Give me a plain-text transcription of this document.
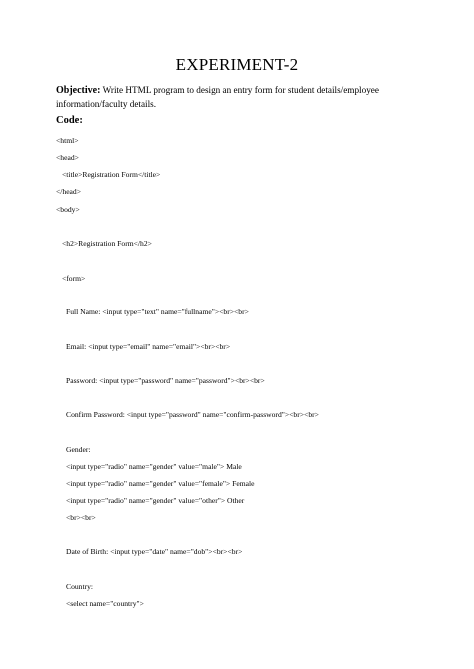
EXPERIMENT-2
Objective: Write HTML program to design an entry form for student details/employee information/faculty details.
Code:
<html>
<head>
<title>Registration Form</title>
</head>
<body>
<h2>Registration Form</h2>
<form>
Full Name: <input type="text" name="fullname"><br><br>
Email: <input type="email" name="email"><br><br>
Password: <input type="password" name="password"><br><br>
Confirm Password: <input type="password" name="confirm-password"><br><br>
Gender:
<input type="radio" name="gender" value="male"> Male
<input type="radio" name="gender" value="female"> Female
<input type="radio" name="gender" value="other"> Other
<br><br>
Date of Birth: <input type="date" name="dob"><br><br>
Country:
<select name="country">
